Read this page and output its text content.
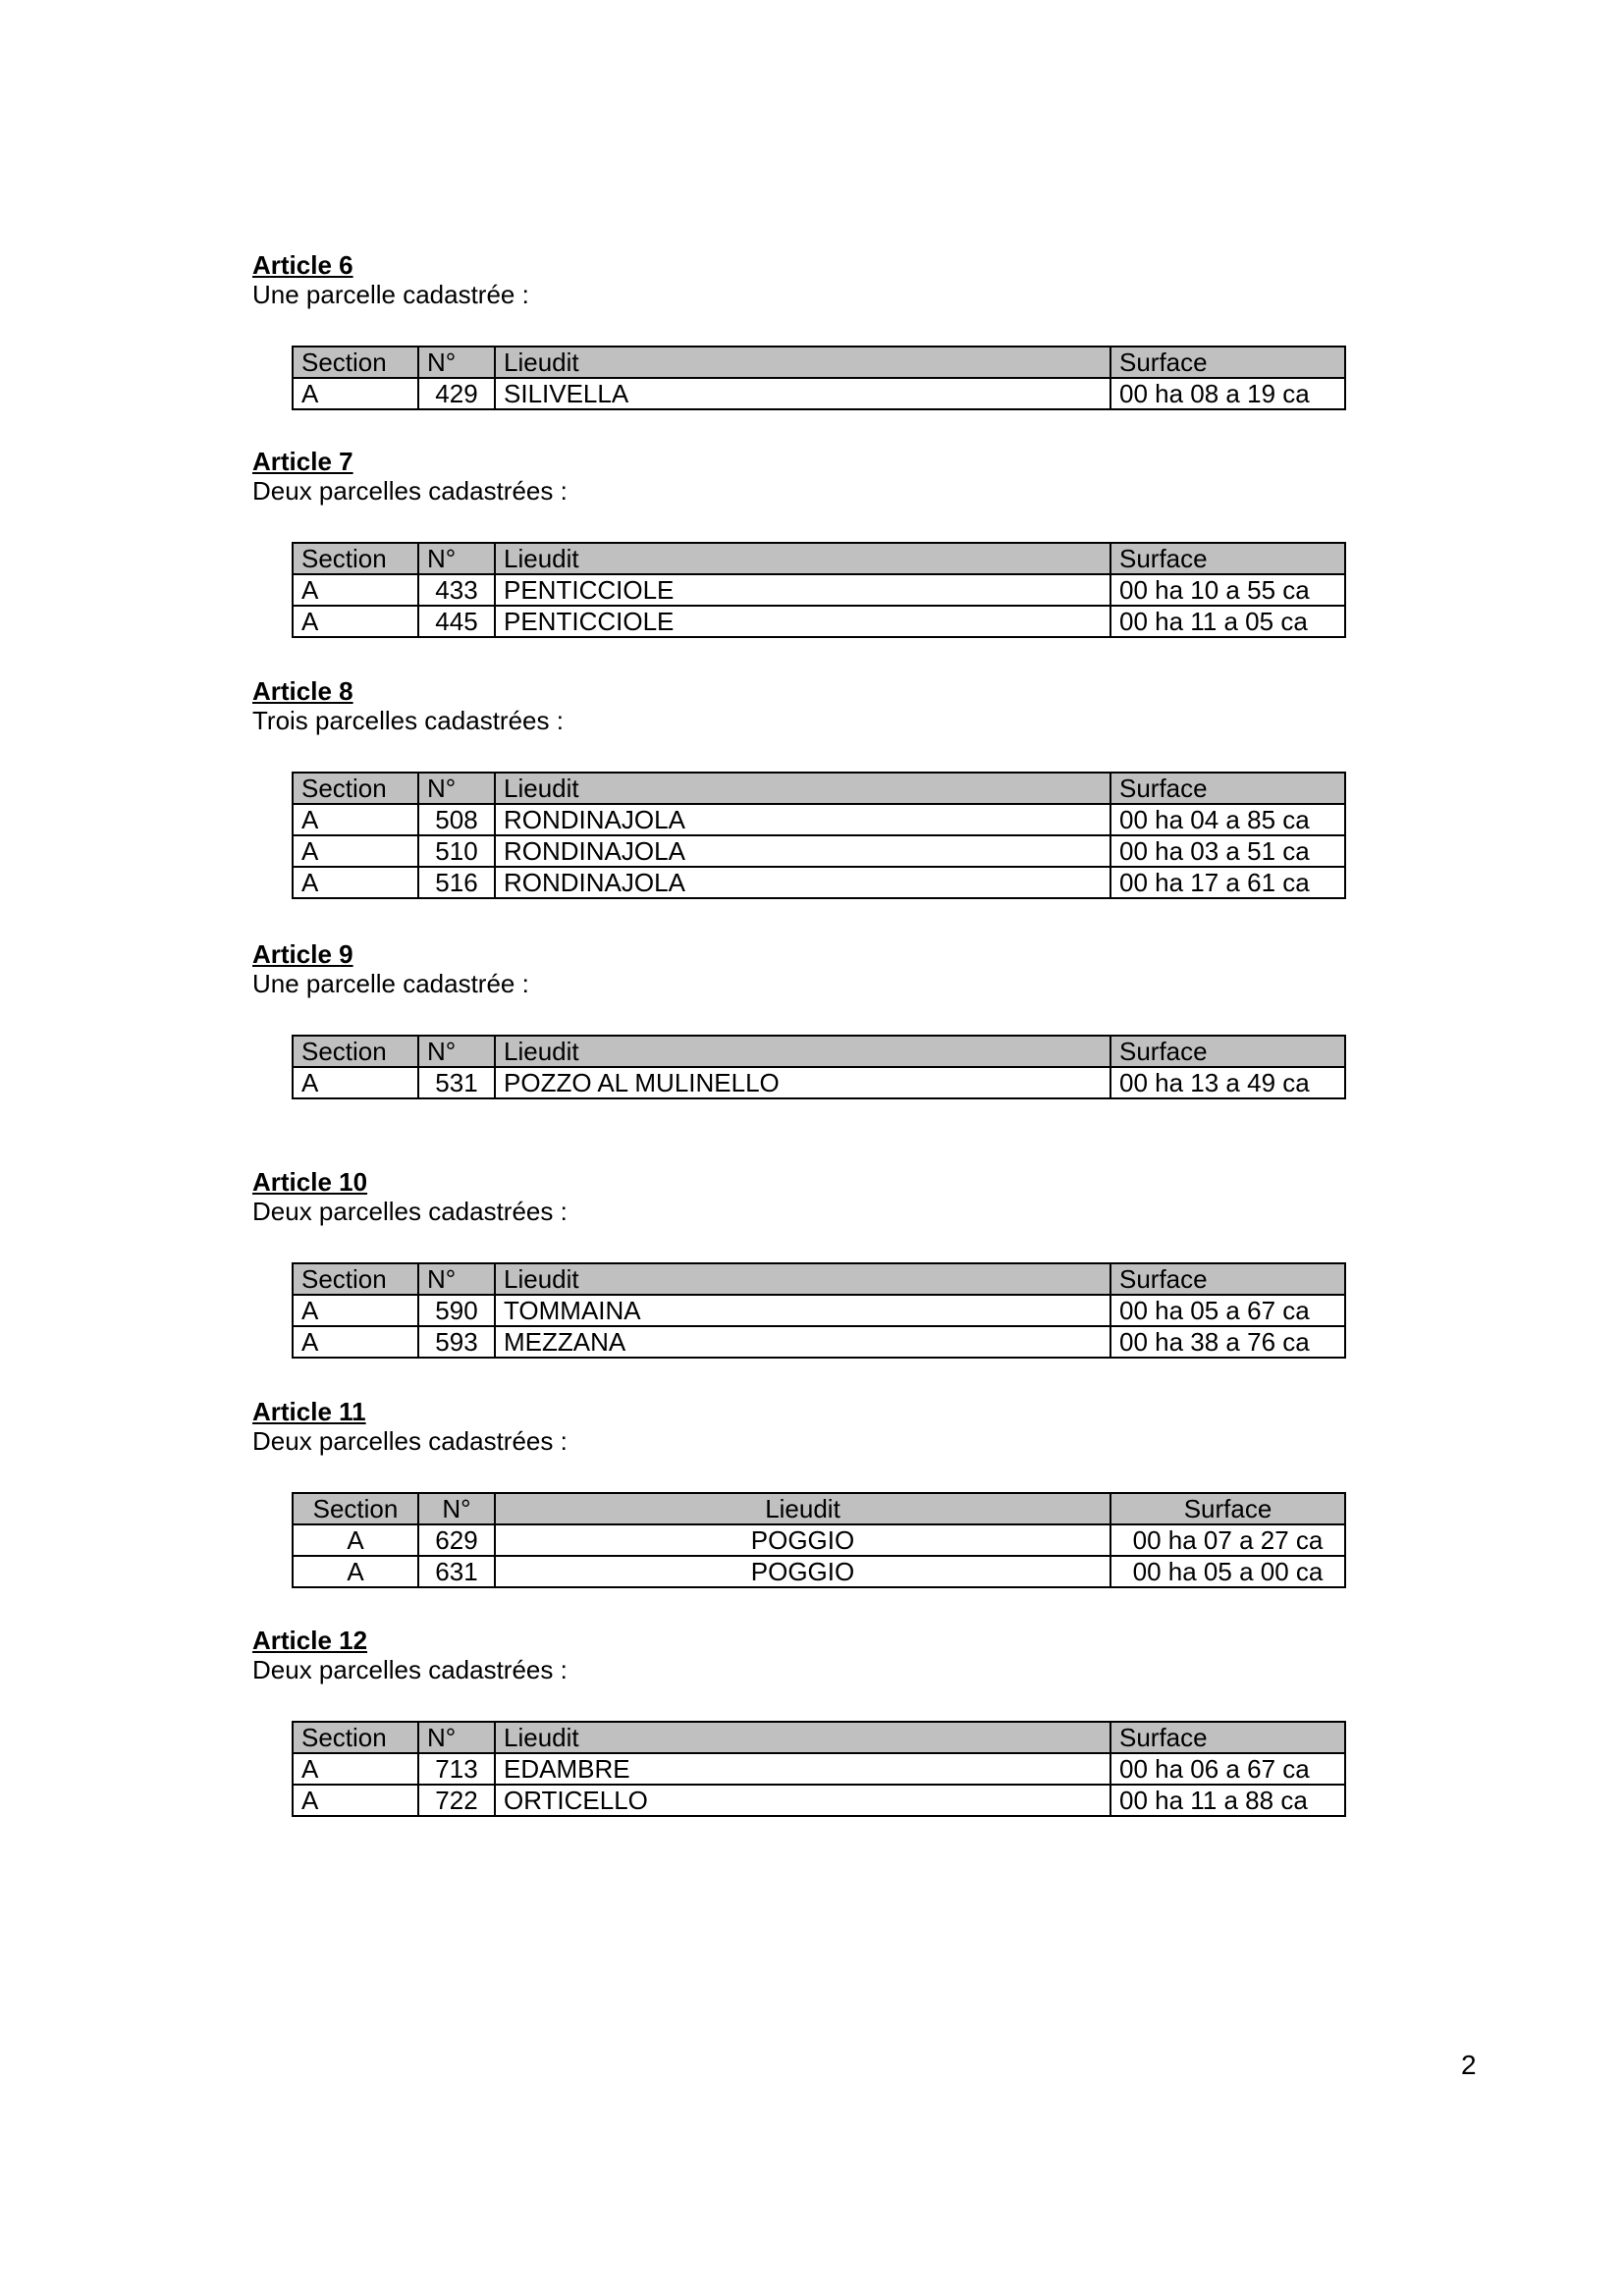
Article 6

Une parcelle cadastrée :

Section	N°	Lieudit	Surface
A	429	SILIVELLA	00 ha 08 a 19 ca

Article 7

Deux parcelles cadastrées :

Section	N°	Lieudit	Surface
A	433	PENTICCIOLE	00 ha 10 a 55 ca
A	445	PENTICCIOLE	00 ha 11 a 05 ca

Article 8

Trois parcelles cadastrées :

Section	N°	Lieudit	Surface
A	508	RONDINAJOLA	00 ha 04 a 85 ca
A	510	RONDINAJOLA	00 ha 03 a 51 ca
A	516	RONDINAJOLA	00 ha 17 a 61 ca

Article 9

Une parcelle cadastrée :

Section	N°	Lieudit	Surface
A	531	POZZO AL MULINELLO	00 ha 13 a 49 ca

Article 10

Deux parcelles cadastrées :

Section	N°	Lieudit	Surface
A	590	TOMMAINA	00 ha 05 a 67 ca
A	593	MEZZANA	00 ha 38 a 76 ca

Article 11

Deux parcelles cadastrées :

Section	N°	Lieudit	Surface
A	629	POGGIO	00 ha 07 a 27 ca
A	631	POGGIO	00 ha 05 a 00 ca

Article 12

Deux parcelles cadastrées :

Section	N°	Lieudit	Surface
A	713	EDAMBRE	00 ha 06 a 67 ca
A	722	ORTICELLO	00 ha 11 a 88 ca
2
